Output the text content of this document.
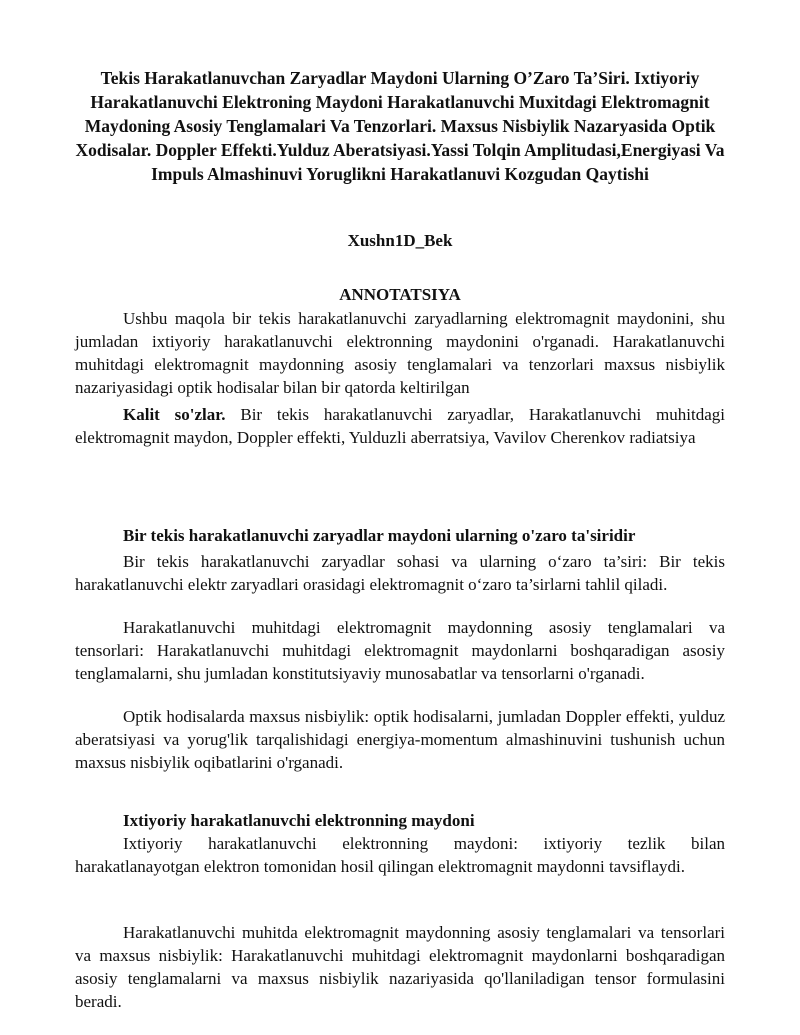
Tekis Harakatlanuvchan Zaryadlar Maydoni Ularning O’Zaro Ta’Siri. Ixtiyoriy Harakatlanuvchi Elektroning Maydoni Harakatlanuvchi Muxitdagi Elektromagnit Maydoning Asosiy Tenglamalari Va Tenzorlari. Maxsus Nisbiylik Nazaryasida Optik Xodisalar. Doppler Effekti.Yulduz Aberatsiyasi.Yassi Tolqin Amplitudasi,Energiyasi Va Impuls Almashinuvi Yoruglikni Harakatlanuvi Kozgudan Qaytishi
Xushn1D_Bek
ANNOTATSIYA

Ushbu maqola bir tekis harakatlanuvchi zaryadlarning elektromagnit maydonini, shu jumladan ixtiyoriy harakatlanuvchi elektronning maydonini o'rganadi. Harakatlanuvchi muhitdagi elektromagnit maydonning asosiy tenglamalari va tenzorlari maxsus nisbiylik nazariyasidagi optik hodisalar bilan bir qatorda keltirilgan

Kalit so'zlar. Bir tekis harakatlanuvchi zaryadlar, Harakatlanuvchi muhitdagi elektromagnit maydon, Doppler effekti, Yulduzli aberratsiya, Vavilov Cherenkov radiatsiya

Bir tekis harakatlanuvchi zaryadlar maydoni ularning o'zaro ta'siridir

Bir tekis harakatlanuvchi zaryadlar sohasi va ularning o‘zaro ta’siri: Bir tekis harakatlanuvchi elektr zaryadlari orasidagi elektromagnit o‘zaro ta’sirlarni tahlil qiladi.

Harakatlanuvchi muhitdagi elektromagnit maydonning asosiy tenglamalari va tensorlari: Harakatlanuvchi muhitdagi elektromagnit maydonlarni boshqaradigan asosiy tenglamalarni, shu jumladan konstitutsiyaviy munosabatlar va tensorlarni o'rganadi.

Optik hodisalarda maxsus nisbiylik: optik hodisalarni, jumladan Doppler effekti, yulduz aberatsiyasi va yorug'lik tarqalishidagi energiya-momentum almashinuvini tushunish uchun maxsus nisbiylik oqibatlarini o'rganadi.

Ixtiyoriy harakatlanuvchi elektronning maydoni

Ixtiyoriy harakatlanuvchi elektronning maydoni: ixtiyoriy tezlik bilan harakatlanayotgan elektron tomonidan hosil qilingan elektromagnit maydonni tavsiflaydi.

Harakatlanuvchi muhitda elektromagnit maydonning asosiy tenglamalari va tensorlari va maxsus nisbiylik: Harakatlanuvchi muhitdagi elektromagnit maydonlarni boshqaradigan asosiy tenglamalarni va maxsus nisbiylik nazariyasida qo'llaniladigan tensor formulasini beradi.
